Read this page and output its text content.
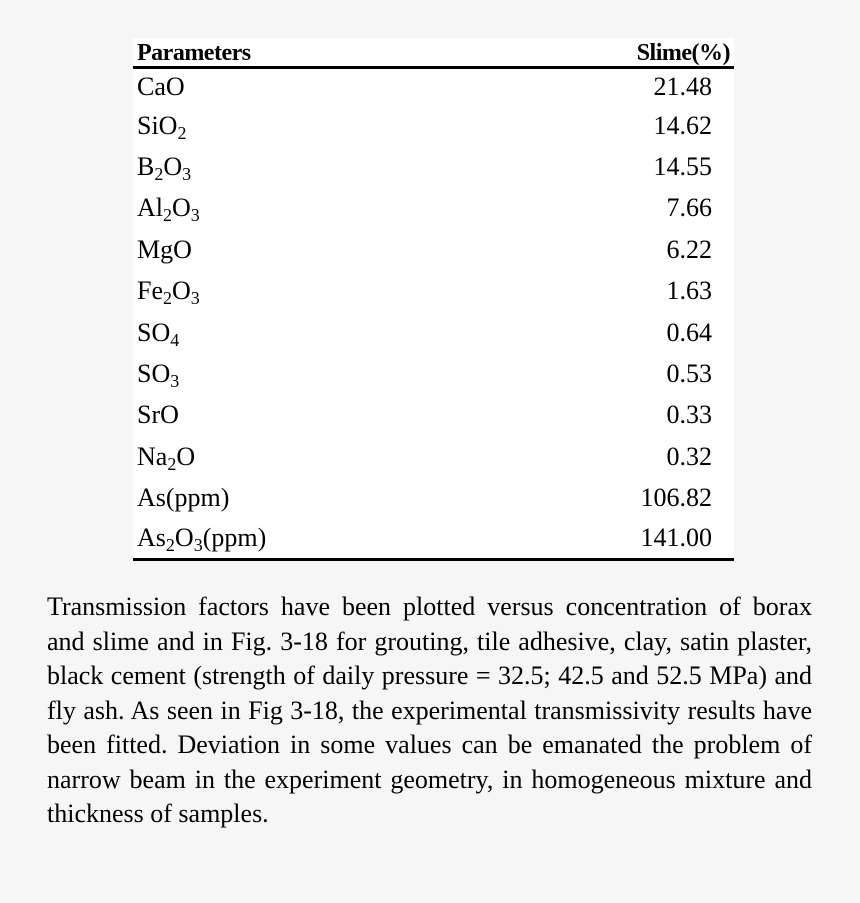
Parameters	Slime(%)
CaO	21.48
SiO$_2$	14.62
$B_2O_3$	14.55
$Al_2O_3$	7.66
MgO	6.22
$Fe_2O_3$	1.63
$SO_4$	0.64
$SO_3$	0.53
SrO	0.33
$Na_2O$	0.32
As(ppm)	106.82
$As_2O_3(ppm)$	141.00

Transmission factors have been plotted versus concentration of borax and slime and in Fig. 3-18 for grouting, tile adhesive, clay, satin plaster, black cement (strength of daily pressure = 32.5; 42.5 and 52.5 MPa) and fly ash. As seen in Fig 3-18, the experimental transmissivity results have been fitted. Deviation in some values can be emanated the problem of narrow beam in the experiment geometry, in homogeneous mixture and thickness of samples.
